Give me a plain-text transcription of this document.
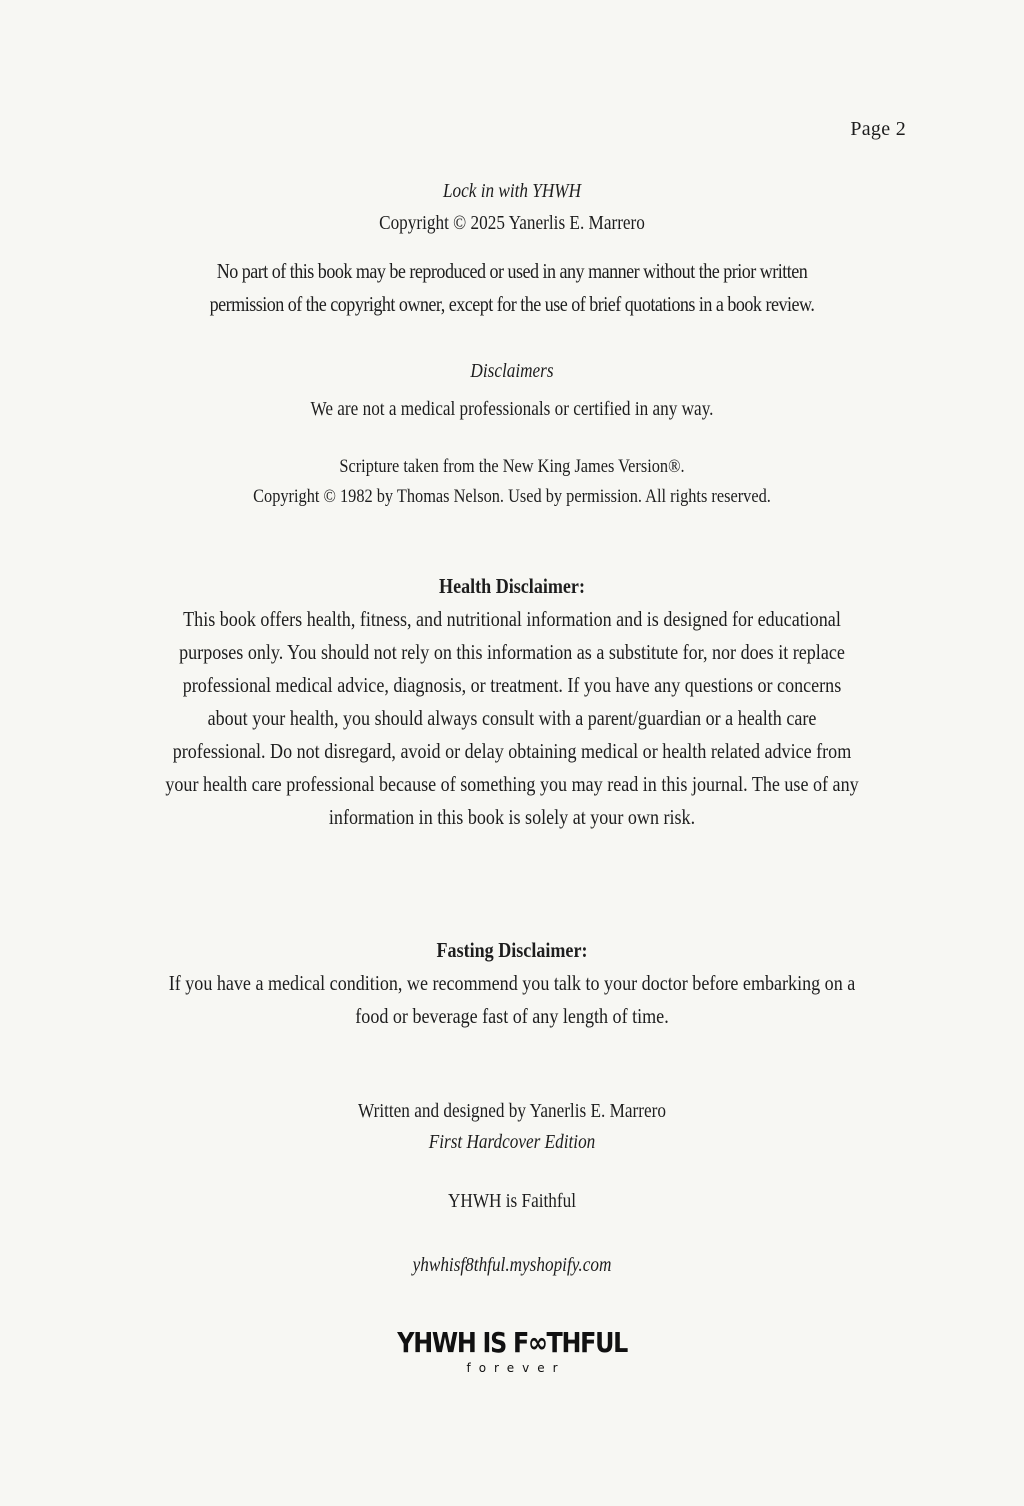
Page 2
Lock in with YHWH
Copyright © 2025 Yanerlis E. Marrero
No part of this book may be reproduced or used in any manner without the prior written
permission of the copyright owner, except for the use of brief quotations in a book review.
Disclaimers
We are not a medical professionals or certified in any way.
Scripture taken from the New King James Version®.
Copyright © 1982 by Thomas Nelson. Used by permission. All rights reserved.
Health Disclaimer:
This book offers health, fitness, and nutritional information and is designed for educational
purposes only. You should not rely on this information as a substitute for, nor does it replace
professional medical advice, diagnosis, or treatment. If you have any questions or concerns
about your health, you should always consult with a parent/guardian or a health care
professional. Do not disregard, avoid or delay obtaining medical or health related advice from
your health care professional because of something you may read in this journal. The use of any
information in this book is solely at your own risk.
Fasting Disclaimer:
If you have a medical condition, we recommend you talk to your doctor before embarking on a
food or beverage fast of any length of time.
Written and designed by Yanerlis E. Marrero
First Hardcover Edition
YHWH is Faithful
yhwhisf8thful.myshopify.com
YHWH IS F∞THFUL
forever
